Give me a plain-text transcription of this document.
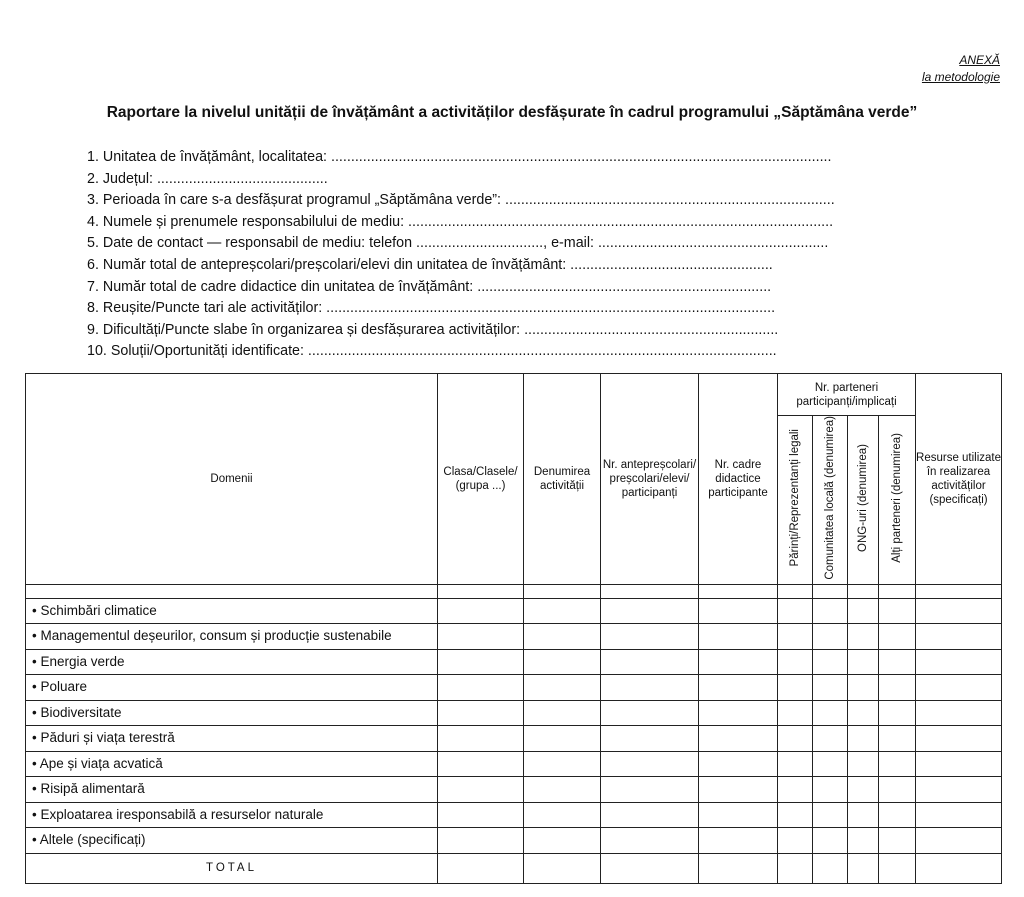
ANEXĂ
la metodologie
Raportare la nivelul unității de învățământ a activităților desfășurate în cadrul programului „Săptămâna verde”
1. Unitatea de învățământ, localitatea: ..............................................................................................................................
2. Județul: ...........................................
3. Perioada în care s-a desfășurat programul „Săptămâna verde”: ...................................................................................
4. Numele și prenumele responsabilului de mediu: ...........................................................................................................
5. Date de contact — responsabil de mediu: telefon ................................, e-mail: ..........................................................
6. Număr total de antepreșcolari/preșcolari/elevi din unitatea de învățământ: ...................................................
7. Număr total de cadre didactice din unitatea de învățământ: ..........................................................................
8. Reușite/Puncte tari ale activităților: .................................................................................................................
9. Dificultăți/Puncte slabe în organizarea și desfășurarea activităților: ................................................................
10. Soluții/Oportunități identificate: ......................................................................................................................
Domenii	Clasa/Clasele/ (grupa ...)	Denumirea activității	Nr. antepreșcolari/ preșcolari/elevi/ participanți	Nr. cadre didactice participante	Nr. parteneri participanți/implicați				Resurse utilizate în realizarea activităților (specificați)
					Părinți/Reprezentanți legali	Comunitatea locală (denumirea)	ONG-uri (denumirea)	Alți parteneri (denumirea)	

• Schimbări climatice									
• Managementul deșeurilor, consum și producție sustenabile									
• Energia verde									
• Poluare									
• Biodiversitate									
• Păduri și viața terestră									
• Ape și viața acvatică									
• Risipă alimentară									
• Exploatarea iresponsabilă a resurselor naturale									
• Altele (specificați)									
TOTAL									
